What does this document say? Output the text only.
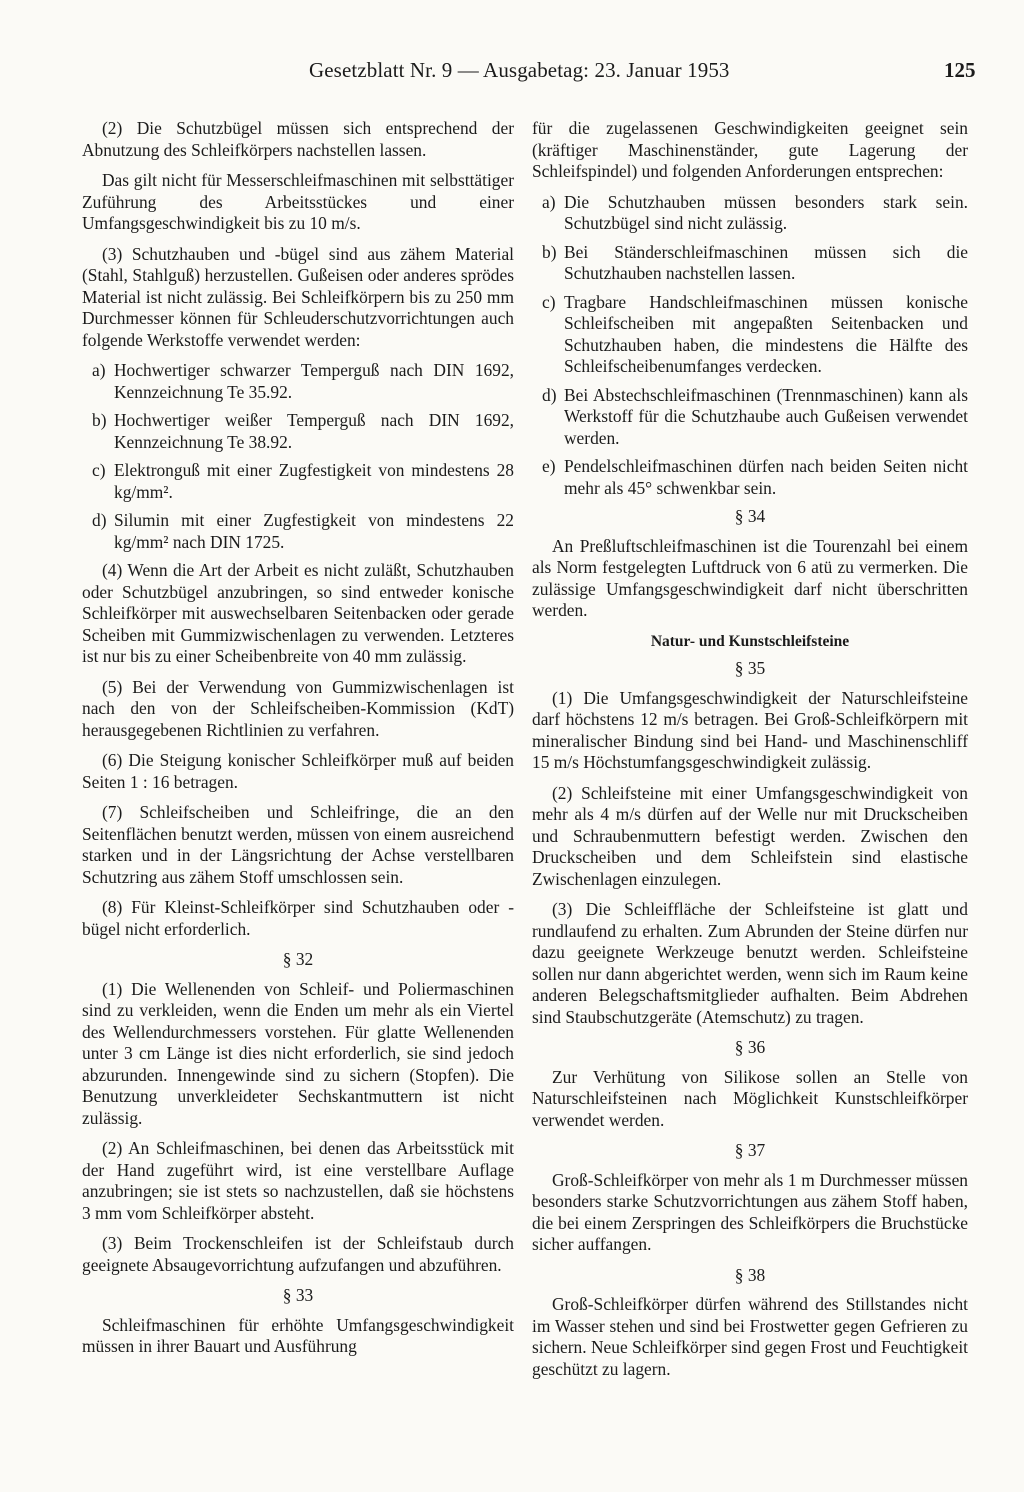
Gesetzblatt Nr. 9 — Ausgabetag: 23. Januar 1953	125

(2) Die Schutzbügel müssen sich entsprechend der Abnutzung des Schleifkörpers nachstellen lassen.

Das gilt nicht für Messerschleifmaschinen mit selbsttätiger Zuführung des Arbeitsstückes und einer Umfangsgeschwindigkeit bis zu 10 m/s.

(3) Schutzhauben und -bügel sind aus zähem Material (Stahl, Stahlguß) herzustellen. Gußeisen oder anderes sprödes Material ist nicht zulässig. Bei Schleifkörpern bis zu 250 mm Durchmesser können für Schleuderschutzvorrichtungen auch folgende Werkstoffe verwendet werden:

a) Hochwertiger schwarzer Temperguß nach DIN 1692, Kennzeichnung Te 35.92.
b) Hochwertiger weißer Temperguß nach DIN 1692, Kennzeichnung Te 38.92.
c) Elektronguß mit einer Zugfestigkeit von mindestens 28 kg/mm².
d) Silumin mit einer Zugfestigkeit von mindestens 22 kg/mm² nach DIN 1725.

(4) Wenn die Art der Arbeit es nicht zuläßt, Schutzhauben oder Schutzbügel anzubringen, so sind entweder konische Schleifkörper mit auswechselbaren Seitenbacken oder gerade Scheiben mit Gummizwischenlagen zu verwenden. Letzteres ist nur bis zu einer Scheibenbreite von 40 mm zulässig.

(5) Bei der Verwendung von Gummizwischenlagen ist nach den von der Schleifscheiben-Kommission (KdT) herausgegebenen Richtlinien zu verfahren.

(6) Die Steigung konischer Schleifkörper muß auf beiden Seiten 1 : 16 betragen.

(7) Schleifscheiben und Schleifringe, die an den Seitenflächen benutzt werden, müssen von einem ausreichend starken und in der Längsrichtung der Achse verstellbaren Schutzring aus zähem Stoff umschlossen sein.

(8) Für Kleinst-Schleifkörper sind Schutzhauben oder -bügel nicht erforderlich.

§ 32

(1) Die Wellenenden von Schleif- und Poliermaschinen sind zu verkleiden, wenn die Enden um mehr als ein Viertel des Wellendurchmessers vorstehen. Für glatte Wellenenden unter 3 cm Länge ist dies nicht erforderlich, sie sind jedoch abzurunden. Innengewinde sind zu sichern (Stopfen). Die Benutzung unverkleideter Sechskantmuttern ist nicht zulässig.

(2) An Schleifmaschinen, bei denen das Arbeitsstück mit der Hand zugeführt wird, ist eine verstellbare Auflage anzubringen; sie ist stets so nachzustellen, daß sie höchstens 3 mm vom Schleifkörper absteht.

(3) Beim Trockenschleifen ist der Schleifstaub durch geeignete Absaugevorrichtung aufzufangen und abzuführen.

§ 33

Schleifmaschinen für erhöhte Umfangsgeschwindigkeit müssen in ihrer Bauart und Ausführung

für die zugelassenen Geschwindigkeiten geeignet sein (kräftiger Maschinenständer, gute Lagerung der Schleifspindel) und folgenden Anforderungen entsprechen:

a) Die Schutzhauben müssen besonders stark sein. Schutzbügel sind nicht zulässig.
b) Bei Ständerschleifmaschinen müssen sich die Schutzhauben nachstellen lassen.
c) Tragbare Handschleifmaschinen müssen konische Schleifscheiben mit angepaßten Seitenbacken und Schutzhauben haben, die mindestens die Hälfte des Schleifscheibenumfanges verdecken.
d) Bei Abstechschleifmaschinen (Trennmaschinen) kann als Werkstoff für die Schutzhaube auch Gußeisen verwendet werden.
e) Pendelschleifmaschinen dürfen nach beiden Seiten nicht mehr als 45° schwenkbar sein.

§ 34

An Preßluftschleifmaschinen ist die Tourenzahl bei einem als Norm festgelegten Luftdruck von 6 atü zu vermerken. Die zulässige Umfangsgeschwindigkeit darf nicht überschritten werden.

Natur- und Kunstschleifsteine

§ 35

(1) Die Umfangsgeschwindigkeit der Naturschleifsteine darf höchstens 12 m/s betragen. Bei Groß-Schleifkörpern mit mineralischer Bindung sind bei Hand- und Maschinenschliff 15 m/s Höchstumfangsgeschwindigkeit zulässig.

(2) Schleifsteine mit einer Umfangsgeschwindigkeit von mehr als 4 m/s dürfen auf der Welle nur mit Druckscheiben und Schraubenmuttern befestigt werden. Zwischen den Druckscheiben und dem Schleifstein sind elastische Zwischenlagen einzulegen.

(3) Die Schleiffläche der Schleifsteine ist glatt und rundlaufend zu erhalten. Zum Abrunden der Steine dürfen nur dazu geeignete Werkzeuge benutzt werden. Schleifsteine sollen nur dann abgerichtet werden, wenn sich im Raum keine anderen Belegschaftsmitglieder aufhalten. Beim Abdrehen sind Staubschutzgeräte (Atemschutz) zu tragen.

§ 36

Zur Verhütung von Silikose sollen an Stelle von Naturschleifsteinen nach Möglichkeit Kunstschleifkörper verwendet werden.

§ 37

Groß-Schleifkörper von mehr als 1 m Durchmesser müssen besonders starke Schutzvorrichtungen aus zähem Stoff haben, die bei einem Zerspringen des Schleifkörpers die Bruchstücke sicher auffangen.

§ 38

Groß-Schleifkörper dürfen während des Stillstandes nicht im Wasser stehen und sind bei Frostwetter gegen Gefrieren zu sichern. Neue Schleifkörper sind gegen Frost und Feuchtigkeit geschützt zu lagern.
